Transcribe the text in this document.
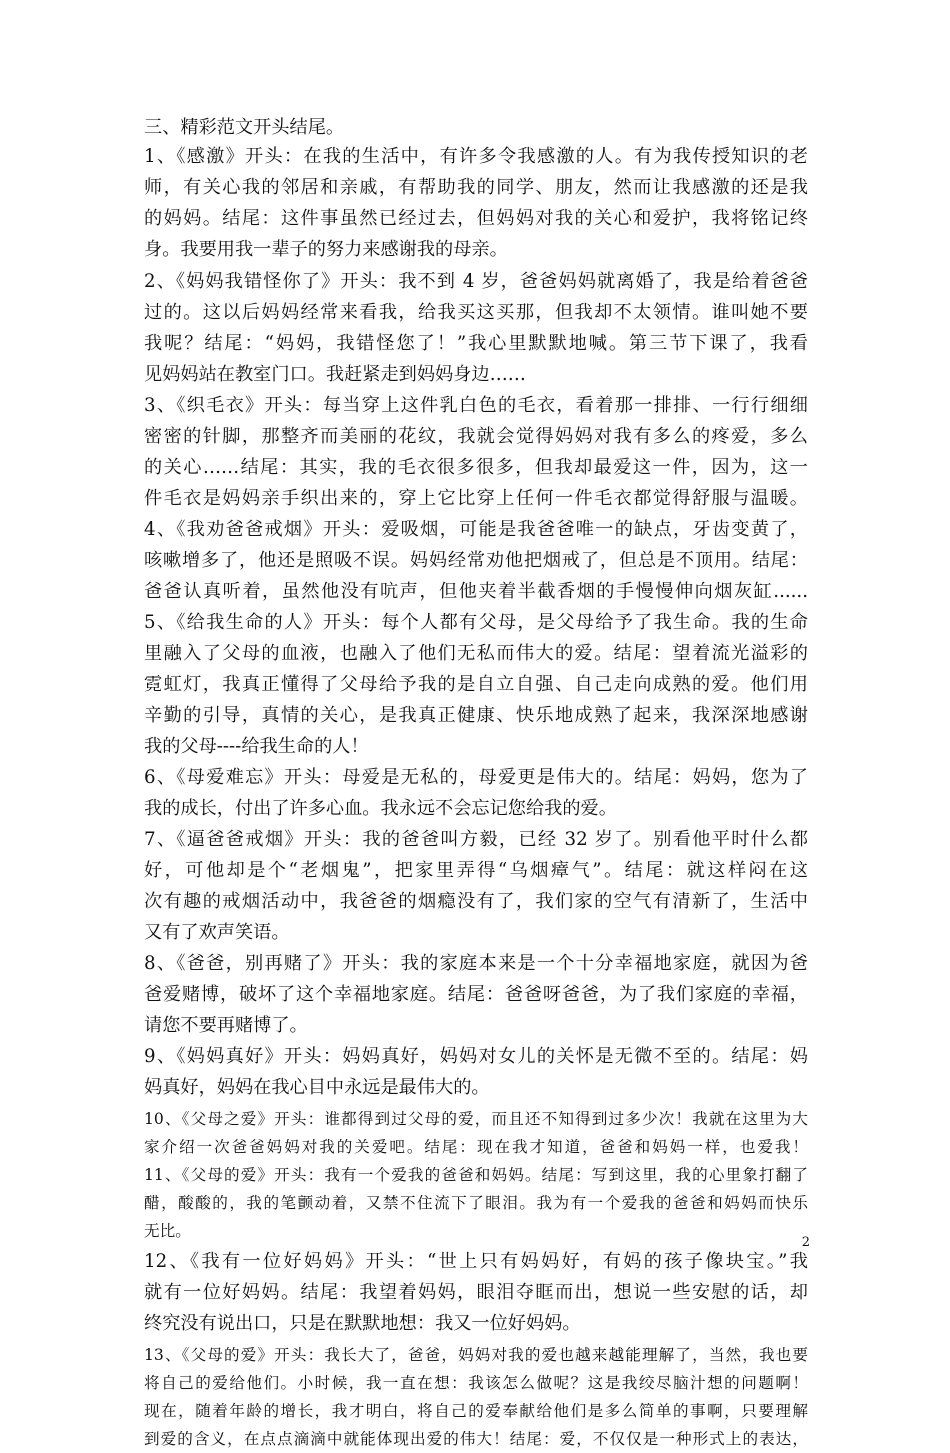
三、精彩范文开头结尾。
1、《感激》开头：在我的生活中，有许多令我感激的人。有为我传授知识的老
师，有关心我的邻居和亲戚，有帮助我的同学、朋友，然而让我感激的还是我
的妈妈。结尾：这件事虽然已经过去，但妈妈对我的关心和爱护，我将铭记终
身。我要用我一辈子的努力来感谢我的母亲。
2、《妈妈我错怪你了》开头：我不到 4 岁，爸爸妈妈就离婚了，我是给着爸爸
过的。这以后妈妈经常来看我，给我买这买那，但我却不太领情。谁叫她不要
我呢？结尾：“妈妈，我错怪您了！”我心里默默地喊。第三节下课了，我看
见妈妈站在教室门口。我赶紧走到妈妈身边……
3、《织毛衣》开头：每当穿上这件乳白色的毛衣，看着那一排排、一行行细细
密密的针脚，那整齐而美丽的花纹，我就会觉得妈妈对我有多么的疼爱，多么
的关心……结尾：其实，我的毛衣很多很多，但我却最爱这一件，因为，这一
件毛衣是妈妈亲手织出来的，穿上它比穿上任何一件毛衣都觉得舒服与温暖。
4、《我劝爸爸戒烟》开头：爱吸烟，可能是我爸爸唯一的缺点，牙齿变黄了，
咳嗽增多了，他还是照吸不误。妈妈经常劝他把烟戒了，但总是不顶用。结尾：
爸爸认真听着，虽然他没有吭声，但他夹着半截香烟的手慢慢伸向烟灰缸......
5、《给我生命的人》开头：每个人都有父母，是父母给予了我生命。我的生命
里融入了父母的血液，也融入了他们无私而伟大的爱。结尾：望着流光溢彩的
霓虹灯，我真正懂得了父母给予我的是自立自强、自己走向成熟的爱。他们用
辛勤的引导，真情的关心，是我真正健康、快乐地成熟了起来，我深深地感谢
我的父母----给我生命的人！
6、《母爱难忘》开头：母爱是无私的，母爱更是伟大的。结尾：妈妈，您为了
我的成长，付出了许多心血。我永远不会忘记您给我的爱。
7、《逼爸爸戒烟》开头：我的爸爸叫方毅，已经 32 岁了。别看他平时什么都
好，可他却是个“老烟鬼”，把家里弄得“乌烟瘴气”。结尾：就这样闷在这
次有趣的戒烟活动中，我爸爸的烟瘾没有了，我们家的空气有清新了，生活中
又有了欢声笑语。
8、《爸爸，别再赌了》开头：我的家庭本来是一个十分幸福地家庭，就因为爸
爸爱赌博，破坏了这个幸福地家庭。结尾：爸爸呀爸爸，为了我们家庭的幸福，
请您不要再赌博了。
9、《妈妈真好》开头：妈妈真好，妈妈对女儿的关怀是无微不至的。结尾：妈
妈真好，妈妈在我心目中永远是最伟大的。
10、《父母之爱》开头：谁都得到过父母的爱，而且还不知得到过多少次！我就在这里为大
家介绍一次爸爸妈妈对我的关爱吧。结尾：现在我才知道，爸爸和妈妈一样，也爱我！
11、《父母的爱》开头：我有一个爱我的爸爸和妈妈。结尾：写到这里，我的心里象打翻了
醋，酸酸的，我的笔颤动着，又禁不住流下了眼泪。我为有一个爱我的爸爸和妈妈而快乐
无比。
12、《我有一位好妈妈》开头：“世上只有妈妈好，有妈的孩子像块宝。”我
就有一位好妈妈。结尾：我望着妈妈，眼泪夺眶而出，想说一些安慰的话，却
终究没有说出口，只是在默默地想：我又一位好妈妈。
13、《父母的爱》开头：我长大了，爸爸，妈妈对我的爱也越来越能理解了，当然，我也要
将自己的爱给他们。小时候，我一直在想：我该怎么做呢？这是我绞尽脑汁想的问题啊！
现在，随着年龄的增长，我才明白，将自己的爱奉献给他们是多么简单的事啊，只要理解
到爱的含义，在点点滴滴中就能体现出爱的伟大！结尾：爱，不仅仅是一种形式上的表达，
2
